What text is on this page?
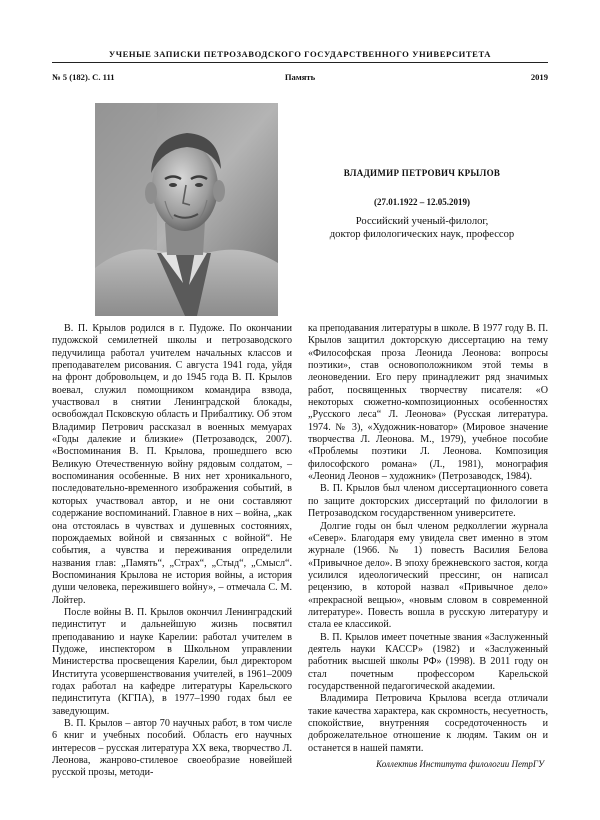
УЧЕНЫЕ ЗАПИСКИ ПЕТРОЗАВОДСКОГО ГОСУДАРСТВЕННОГО УНИВЕРСИТЕТА
№ 5 (182). С. 111	Память	2019
ВЛАДИМИР ПЕТРОВИЧ КРЫЛОВ
(27.01.1922 – 12.05.2019)
Российский ученый-филолог,
доктор филологических наук, профессор

В. П. Крылов родился в г. Пудоже. По окончании пудожской семилетней школы и петрозаводского педучилища работал учителем начальных классов и преподавателем рисования. С августа 1941 года, уйдя на фронт добровольцем, и до 1945 года В. П. Крылов воевал, служил помощником командира взвода, участвовал в снятии Ленинградской блокады, освобождал Псковскую область и Прибалтику. Об этом Владимир Петрович рассказал в военных мемуарах «Годы далекие и близкие» (Петрозаводск, 2007). «Воспоминания В. П. Крылова, прошедшего всю Великую Отечественную войну рядовым солдатом, – воспоминания особенные. В них нет хроникального, последовательно-временного изображения событий, в которых участвовал автор, и не они составляют содержание воспоминаний. Главное в них – война, „как она отстоялась в чувствах и душевных состояниях, порождаемых войной и связанных с войной“. Не события, а чувства и переживания определили названия глав: „Память“, „Страх“, „Стыд“, „Смысл“. Воспоминания Крылова не история войны, а история души человека, пережившего войну», – отмечала С. М. Лойтер.

После войны В. П. Крылов окончил Ленинградский пединститут и дальнейшую жизнь посвятил преподаванию и науке Карелии: работал учителем в Пудоже, инспектором в Школьном управлении Министерства просвещения Карелии, был директором Института усовершенствования учителей, в 1961–2009 годах работал на кафедре литературы Карельского пединститута (КГПА), в 1977–1990 годах был ее заведующим.

В. П. Крылов – автор 70 научных работ, в том числе 6 книг и учебных пособий. Область его научных интересов – русская литература XX века, творчество Л. Леонова, жанрово-стилевое своеобразие новейшей русской прозы, методи-

ка преподавания литературы в школе. В 1977 году В. П. Крылов защитил докторскую диссертацию на тему «Философская проза Леонида Леонова: вопросы поэтики», став основоположником этой темы в леоноведении. Его перу принадлежит ряд значимых работ, посвященных творчеству писателя: «О некоторых сюжетно-композиционных особенностях „Русского леса“ Л. Леонова» (Русская литература. 1974. № 3), «Художник-новатор» (Мировое значение творчества Л. Леонова. М., 1979), учебное пособие «Проблемы поэтики Л. Леонова. Композиция философского романа» (Л., 1981), монография «Леонид Леонов – художник» (Петрозаводск, 1984).

В. П. Крылов был членом диссертационного совета по защите докторских диссертаций по филологии в Петрозаводском государственном университете.

Долгие годы он был членом редколлегии журнала «Север». Благодаря ему увидела свет именно в этом журнале (1966. № 1) повесть Василия Белова «Привычное дело». В эпоху брежневского застоя, когда усилился идеологический прессинг, он написал рецензию, в которой назвал «Привычное дело» «прекрасной вещью», «новым словом в современной литературе». Повесть вошла в русскую литературу и стала ее классикой.

В. П. Крылов имеет почетные звания «Заслуженный деятель науки КАССР» (1982) и «Заслуженный работник высшей школы РФ» (1998). В 2011 году он стал почетным профессором Карельской государственной педагогической академии.

Владимира Петровича Крылова всегда отличали такие качества характера, как скромность, несуетность, спокойствие, внутренняя сосредоточенность и доброжелательное отношение к людям. Таким он и останется в нашей памяти.

Коллектив Института филологии ПетрГУ
